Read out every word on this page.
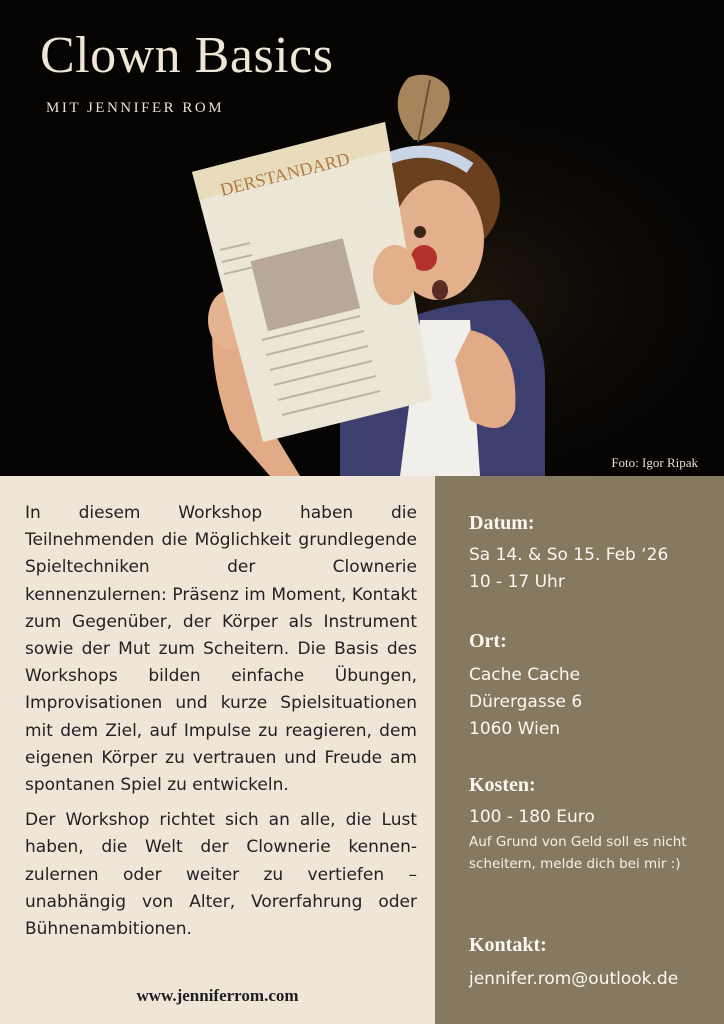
DERSTANDARD
Clown Basics

MIT JENNIFER ROM

Foto: Igor Ripak

In diesem Workshop haben die Teilnehmenden die Möglichkeit grundlegende Spieltechniken der Clownerie kennenzulernen: Präsenz im Moment, Kontakt zum Gegenüber, der Körper als Instrument sowie der Mut zum Scheitern. Die Basis des Workshops bilden einfache Übungen, Improvisationen und kurze Spielsituationen mit dem Ziel, auf Impulse zu reagieren, dem eigenen Körper zu vertrauen und Freude am spontanen Spiel zu entwickeln.

Der Workshop richtet sich an alle, die Lust haben, die Welt der Clownerie kennenzulernen oder weiter zu vertiefen – unabhängig von Alter, Vorerfahrung oder Bühnenambitionen.

www.jenniferrom.com
Datum:
Sa 14. & So 15. Feb ‘26
10 - 17 Uhr
Ort:
Cache Cache
Dürergasse 6
1060 Wien
Kosten:
100 - 180 Euro
Auf Grund von Geld soll es nicht scheitern, melde dich bei mir :)
Kontakt:
jennifer.rom@outlook.de
